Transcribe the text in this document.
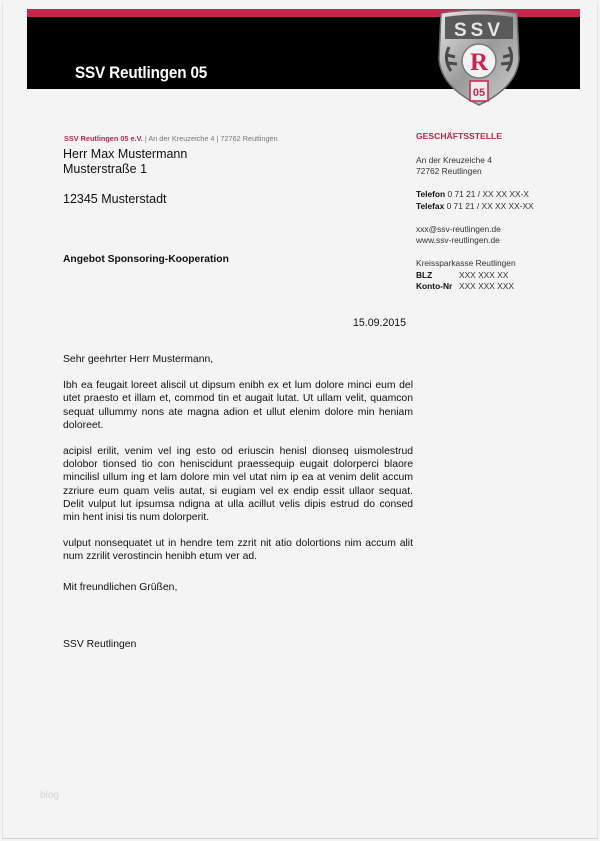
SSV Reutlingen 05
SSV
R
05
SSV Reutlingen 05 e.V. | An der Kreuzeiche 4 | 72762 Reutlingen
Herr Max Mustermann
Musterstraße 1
12345 Musterstadt
GESCHÄFTSSTELLE
An der Kreuzeiche 4
72762 Reutlingen
Telefon 0 71 21 / XX XX XX-X
Telefax 0 71 21 / XX XX XX-XX
xxx@ssv-reutlingen.de
www.ssv-reutlingen.de
Kreissparkasse Reutlingen
BLZ	XXX XXX XX
Konto-Nr XXX XXX XXX
Angebot Sponsoring-Kooperation
15.09.2015
Sehr geehrter Herr Mustermann,

Ibh ea feugait loreet aliscil ut dipsum enibh ex et lum dolore minci eum del utet praesto et illam et, commod tin et augait lutat. Ut ullam velit, quamcon sequat ullummy nons ate magna adion et ullut elenim dolore min heniam doloreet.

acipisl erilit, venim vel ing esto od eriuscin henisl dionseq uismolestrud dolobor tionsed tio con heniscidunt praessequip eugait dolorperci blaore mincilisl ullum ing et lam dolore min vel utat nim ip ea at venim delit accum zzriure eum quam velis autat, si eugiam vel ex endip essit ullaor sequat. Delit vulput lut ipsumsa ndigna at ulla acillut velis dipis estrud do consed min hent inisi tis num dolorperit.

vulput nonsequatet ut in hendre tem zzrit nit atio dolortions nim accum alit num zzrilit verostincin henibh etum ver ad.

Mit freundlichen Grüßen,
SSV Reutlingen
blog
